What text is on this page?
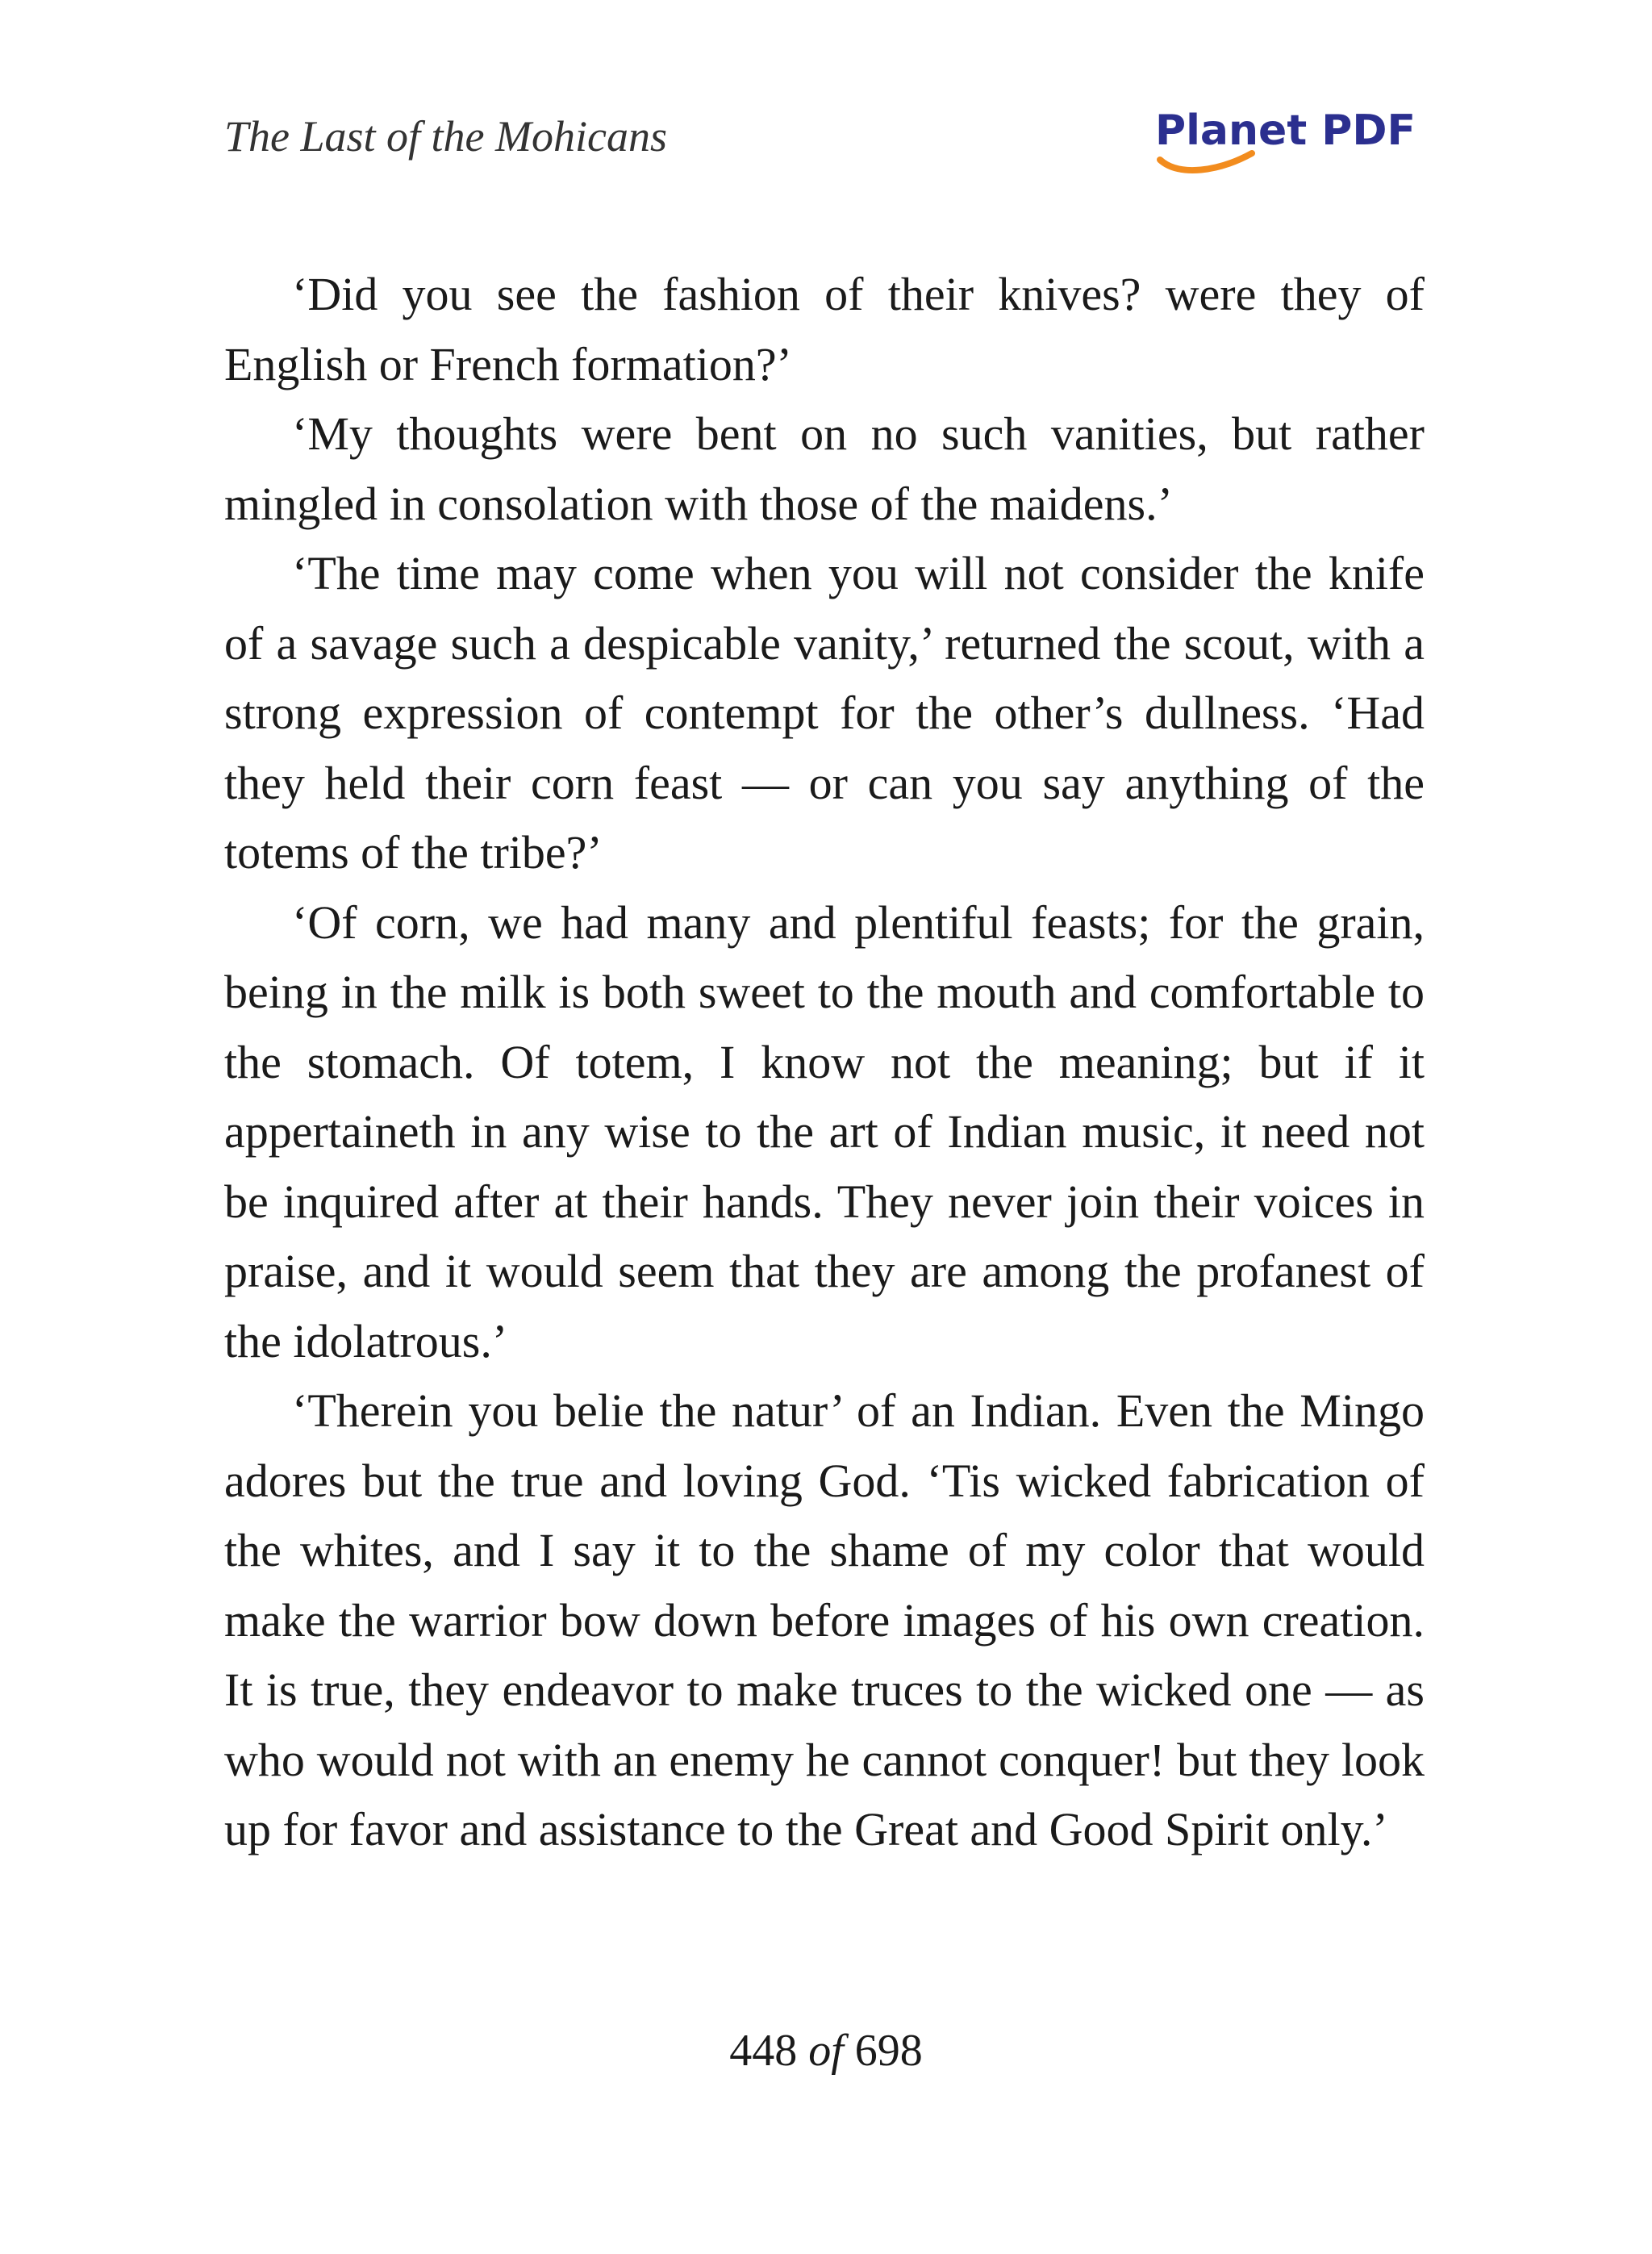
The Last of the Mohicans	Planet PDF

‘Did you see the fashion of their knives? were they of English or French formation?’

‘My thoughts were bent on no such vanities, but rather mingled in consolation with those of the maidens.’

‘The time may come when you will not consider the knife of a savage such a despicable vanity,’ returned the scout, with a strong expression of contempt for the other’s dullness. ‘Had they held their corn feast — or can you say anything of the totems of the tribe?’

‘Of corn, we had many and plentiful feasts; for the grain, being in the milk is both sweet to the mouth and comfortable to the stomach. Of totem, I know not the meaning; but if it appertaineth in any wise to the art of Indian music, it need not be inquired after at their hands. They never join their voices in praise, and it would seem that they are among the profanest of the idolatrous.’

‘Therein you belie the natur’ of an Indian. Even the Mingo adores but the true and loving God. ‘Tis wicked fabrication of the whites, and I say it to the shame of my color that would make the warrior bow down before images of his own creation. It is true, they endeavor to make truces to the wicked one — as who would not with an enemy he cannot conquer! but they look up for favor and assistance to the Great and Good Spirit only.’

448 of 698
